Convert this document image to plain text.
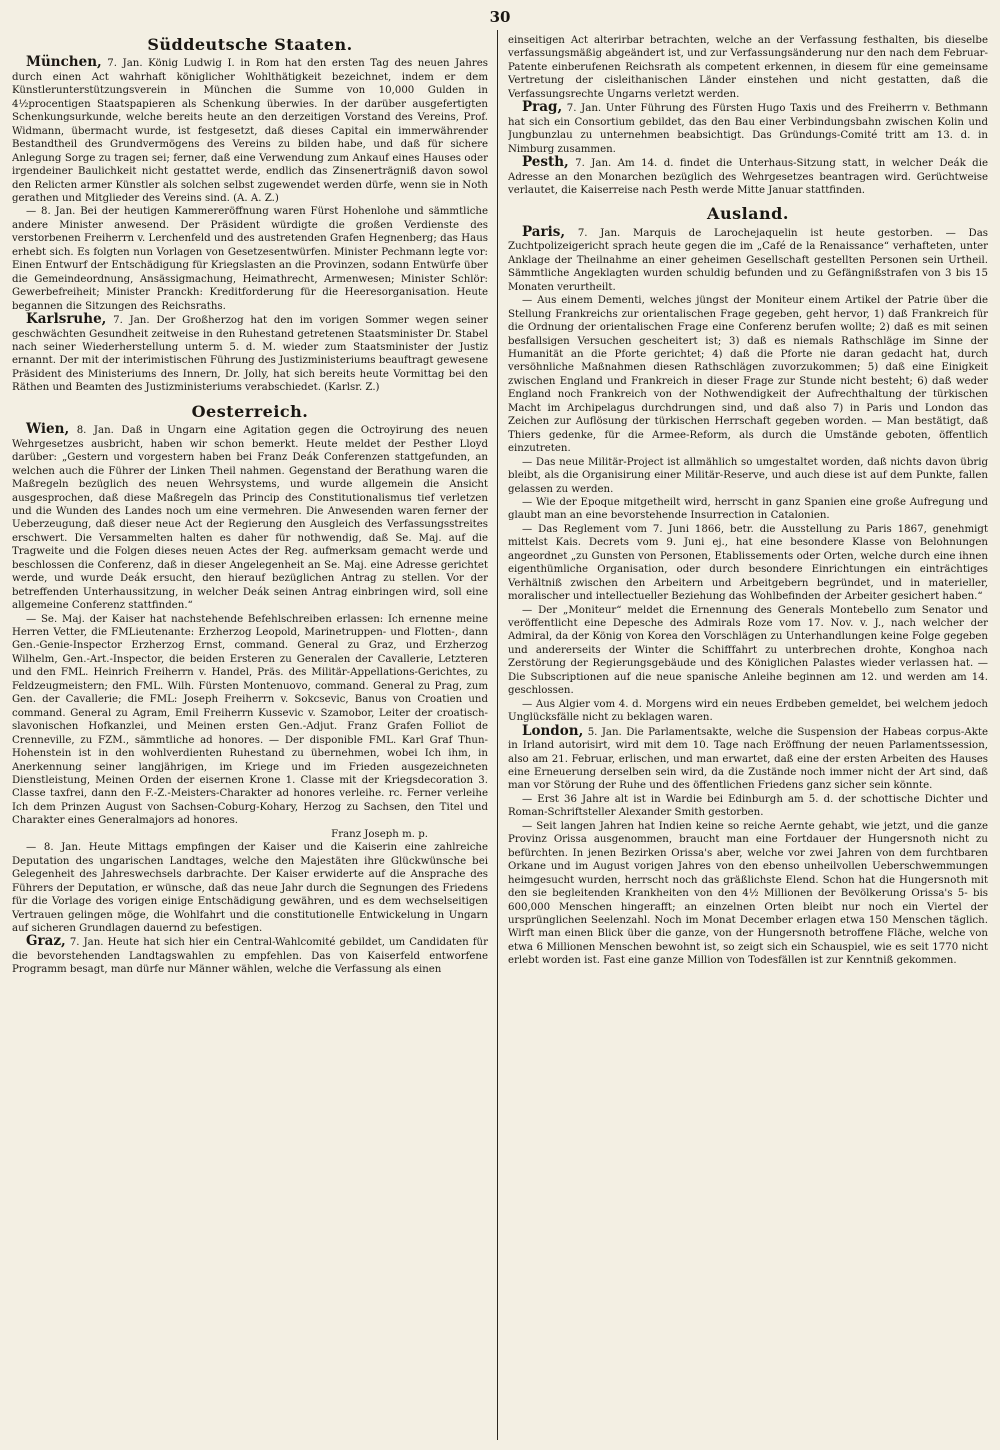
30
Süddeutsche Staaten.

München, 7. Jan. König Ludwig I. in Rom hat den ersten Tag des neuen Jahres durch einen Act wahrhaft königlicher Wohlthätigkeit bezeichnet, indem er dem Künstlerunterstützungsverein in München die Summe von 10,000 Gulden in 4½procentigen Staatspapieren als Schenkung überwies. In der darüber ausgefertigten Schenkungsurkunde, welche bereits heute an den derzeitigen Vorstand des Vereins, Prof. Widmann, übermacht wurde, ist festgesetzt, daß dieses Capital ein immerwährender Bestandtheil des Grundvermögens des Vereins zu bilden habe, und daß für sichere Anlegung Sorge zu tragen sei; ferner, daß eine Verwendung zum Ankauf eines Hauses oder irgendeiner Baulichkeit nicht gestattet werde, endlich das Zinsenerträgniß davon sowol den Relicten armer Künstler als solchen selbst zugewendet werden dürfe, wenn sie in Noth gerathen und Mitglieder des Vereins sind. (A. A. Z.)

— 8. Jan. Bei der heutigen Kammereröffnung waren Fürst Hohenlohe und sämmtliche andere Minister anwesend. Der Präsident würdigte die großen Verdienste des verstorbenen Freiherrn v. Lerchenfeld und des austretenden Grafen Hegnenberg; das Haus erhebt sich. Es folgten nun Vorlagen von Gesetzesentwürfen. Minister Pechmann legte vor: Einen Entwurf der Entschädigung für Kriegslasten an die Provinzen, sodann Entwürfe über die Gemeindeordnung, Ansässigmachung, Heimathrecht, Armenwesen; Minister Schlör: Gewerbefreiheit; Minister Pranckh: Kreditforderung für die Heeresorganisation. Heute begannen die Sitzungen des Reichsraths.

Karlsruhe, 7. Jan. Der Großherzog hat den im vorigen Sommer wegen seiner geschwächten Gesundheit zeitweise in den Ruhestand getretenen Staatsminister Dr. Stabel nach seiner Wiederherstellung unterm 5. d. M. wieder zum Staatsminister der Justiz ernannt. Der mit der interimistischen Führung des Justizministeriums beauftragt gewesene Präsident des Ministeriums des Innern, Dr. Jolly, hat sich bereits heute Vormittag bei den Räthen und Beamten des Justizministeriums verabschiedet. (Karlsr. Z.)

Oesterreich.

Wien, 8. Jan. Daß in Ungarn eine Agitation gegen die Octroyirung des neuen Wehrgesetzes ausbricht, haben wir schon bemerkt. Heute meldet der Pesther Lloyd darüber: „Gestern und vorgestern haben bei Franz Deák Conferenzen stattgefunden, an welchen auch die Führer der Linken Theil nahmen. Gegenstand der Berathung waren die Maßregeln bezüglich des neuen Wehrsystems, und wurde allgemein die Ansicht ausgesprochen, daß diese Maßregeln das Princip des Constitutionalismus tief verletzen und die Wunden des Landes noch um eine vermehren. Die Anwesenden waren ferner der Ueberzeugung, daß dieser neue Act der Regierung den Ausgleich des Verfassungsstreites erschwert. Die Versammelten halten es daher für nothwendig, daß Se. Maj. auf die Tragweite und die Folgen dieses neuen Actes der Reg. aufmerksam gemacht werde und beschlossen die Conferenz, daß in dieser Angelegenheit an Se. Maj. eine Adresse gerichtet werde, und wurde Deák ersucht, den hierauf bezüglichen Antrag zu stellen. Vor der betreffenden Unterhaussitzung, in welcher Deák seinen Antrag einbringen wird, soll eine allgemeine Conferenz stattfinden.“

— Se. Maj. der Kaiser hat nachstehende Befehlschreiben erlassen: Ich ernenne meine Herren Vetter, die FMLieutenante: Erzherzog Leopold, Marinetruppen- und Flotten-, dann Gen.-Genie-Inspector Erzherzog Ernst, command. General zu Graz, und Erzherzog Wilhelm, Gen.-Art.-Inspector, die beiden Ersteren zu Generalen der Cavallerie, Letzteren und den FML. Heinrich Freiherrn v. Handel, Präs. des Militär-Appellations-Gerichtes, zu Feldzeugmeistern; den FML. Wilh. Fürsten Montenuovo, command. General zu Prag, zum Gen. der Cavallerie; die FML: Joseph Freiherrn v. Sokcsevic, Banus von Croatien und command. General zu Agram, Emil Freiherrn Kussevic v. Szamobor, Leiter der croatisch-slavonischen Hofkanzlei, und Meinen ersten Gen.-Adjut. Franz Grafen Folliot de Crenneville, zu FZM., sämmtliche ad honores. — Der disponible FML. Karl Graf Thun-Hohenstein ist in den wohlverdienten Ruhestand zu übernehmen, wobei Ich ihm, in Anerkennung seiner langjährigen, im Kriege und im Frieden ausgezeichneten Dienstleistung, Meinen Orden der eisernen Krone 1. Classe mit der Kriegsdecoration 3. Classe taxfrei, dann den F.-Z.-Meisters-Charakter ad honores verleihe. rc. Ferner verleihe Ich dem Prinzen August von Sachsen-Coburg-Kohary, Herzog zu Sachsen, den Titel und Charakter eines Generalmajors ad honores.

Franz Joseph m. p.

— 8. Jan. Heute Mittags empfingen der Kaiser und die Kaiserin eine zahlreiche Deputation des ungarischen Landtages, welche den Majestäten ihre Glückwünsche bei Gelegenheit des Jahreswechsels darbrachte. Der Kaiser erwiderte auf die Ansprache des Führers der Deputation, er wünsche, daß das neue Jahr durch die Segnungen des Friedens für die Vorlage des vorigen einige Entschädigung gewähren, und es dem wechselseitigen Vertrauen gelingen möge, die Wohlfahrt und die constitutionelle Entwickelung in Ungarn auf sicheren Grundlagen dauernd zu befestigen.

Graz, 7. Jan. Heute hat sich hier ein Central-Wahlcomité gebildet, um Candidaten für die bevorstehenden Landtagswahlen zu empfehlen. Das von Kaiserfeld entworfene Programm besagt, man dürfe nur Männer wählen, welche die Verfassung als einen

einseitigen Act alterirbar betrachten, welche an der Verfassung festhalten, bis dieselbe verfassungsmäßig abgeändert ist, und zur Verfassungsänderung nur den nach dem Februar-Patente einberufenen Reichsrath als competent erkennen, in diesem für eine gemeinsame Vertretung der cisleithanischen Länder einstehen und nicht gestatten, daß die Verfassungsrechte Ungarns verletzt werden.

Prag, 7. Jan. Unter Führung des Fürsten Hugo Taxis und des Freiherrn v. Bethmann hat sich ein Consortium gebildet, das den Bau einer Verbindungsbahn zwischen Kolin und Jungbunzlau zu unternehmen beabsichtigt. Das Gründungs-Comité tritt am 13. d. in Nimburg zusammen.

Pesth, 7. Jan. Am 14. d. findet die Unterhaus-Sitzung statt, in welcher Deák die Adresse an den Monarchen bezüglich des Wehrgesetzes beantragen wird. Gerüchtweise verlautet, die Kaiserreise nach Pesth werde Mitte Januar stattfinden.

Ausland.

Paris, 7. Jan. Marquis de Larochejaquelin ist heute gestorben. — Das Zuchtpolizeigericht sprach heute gegen die im „Café de la Renaissance“ verhafteten, unter Anklage der Theilnahme an einer geheimen Gesellschaft gestellten Personen sein Urtheil. Sämmtliche Angeklagten wurden schuldig befunden und zu Gefängnißstrafen von 3 bis 15 Monaten verurtheilt.

— Aus einem Dementi, welches jüngst der Moniteur einem Artikel der Patrie über die Stellung Frankreichs zur orientalischen Frage gegeben, geht hervor, 1) daß Frankreich für die Ordnung der orientalischen Frage eine Conferenz berufen wollte; 2) daß es mit seinen besfallsigen Versuchen gescheitert ist; 3) daß es niemals Rathschläge im Sinne der Humanität an die Pforte gerichtet; 4) daß die Pforte nie daran gedacht hat, durch versöhnliche Maßnahmen diesen Rathschlägen zuvorzukommen; 5) daß eine Einigkeit zwischen England und Frankreich in dieser Frage zur Stunde nicht besteht; 6) daß weder England noch Frankreich von der Nothwendigkeit der Aufrechthaltung der türkischen Macht im Archipelagus durchdrungen sind, und daß also 7) in Paris und London das Zeichen zur Auflösung der türkischen Herrschaft gegeben worden. — Man bestätigt, daß Thiers gedenke, für die Armee-Reform, als durch die Umstände geboten, öffentlich einzutreten.

— Das neue Militär-Project ist allmählich so umgestaltet worden, daß nichts davon übrig bleibt, als die Organisirung einer Militär-Reserve, und auch diese ist auf dem Punkte, fallen gelassen zu werden.

— Wie der Epoque mitgetheilt wird, herrscht in ganz Spanien eine große Aufregung und glaubt man an eine bevorstehende Insurrection in Catalonien.

— Das Reglement vom 7. Juni 1866, betr. die Ausstellung zu Paris 1867, genehmigt mittelst Kais. Decrets vom 9. Juni ej., hat eine besondere Klasse von Belohnungen angeordnet „zu Gunsten von Personen, Etablissements oder Orten, welche durch eine ihnen eigenthümliche Organisation, oder durch besondere Einrichtungen ein einträchtiges Verhältniß zwischen den Arbeitern und Arbeitgebern begründet, und in materieller, moralischer und intellectueller Beziehung das Wohlbefinden der Arbeiter gesichert haben.“

— Der „Moniteur“ meldet die Ernennung des Generals Montebello zum Senator und veröffentlicht eine Depesche des Admirals Roze vom 17. Nov. v. J., nach welcher der Admiral, da der König von Korea den Vorschlägen zu Unterhandlungen keine Folge gegeben und andererseits der Winter die Schifffahrt zu unterbrechen drohte, Konghoa nach Zerstörung der Regierungsgebäude und des Königlichen Palastes wieder verlassen hat. — Die Subscriptionen auf die neue spanische Anleihe beginnen am 12. und werden am 14. geschlossen.

— Aus Algier vom 4. d. Morgens wird ein neues Erdbeben gemeldet, bei welchem jedoch Unglücksfälle nicht zu beklagen waren.

London, 5. Jan. Die Parlamentsakte, welche die Suspension der Habeas corpus-Akte in Irland autorisirt, wird mit dem 10. Tage nach Eröffnung der neuen Parlamentssession, also am 21. Februar, erlischen, und man erwartet, daß eine der ersten Arbeiten des Hauses eine Erneuerung derselben sein wird, da die Zustände noch immer nicht der Art sind, daß man vor Störung der Ruhe und des öffentlichen Friedens ganz sicher sein könnte.

— Erst 36 Jahre alt ist in Wardie bei Edinburgh am 5. d. der schottische Dichter und Roman-Schriftsteller Alexander Smith gestorben.

— Seit langen Jahren hat Indien keine so reiche Aernte gehabt, wie jetzt, und die ganze Provinz Orissa ausgenommen, braucht man eine Fortdauer der Hungersnoth nicht zu befürchten. In jenen Bezirken Orissa's aber, welche vor zwei Jahren von dem furchtbaren Orkane und im August vorigen Jahres von den ebenso unheilvollen Ueberschwemmungen heimgesucht wurden, herrscht noch das gräßlichste Elend. Schon hat die Hungersnoth mit den sie begleitenden Krankheiten von den 4½ Millionen der Bevölkerung Orissa's 5- bis 600,000 Menschen hingerafft; an einzelnen Orten bleibt nur noch ein Viertel der ursprünglichen Seelenzahl. Noch im Monat December erlagen etwa 150 Menschen täglich. Wirft man einen Blick über die ganze, von der Hungersnoth betroffene Fläche, welche von etwa 6 Millionen Menschen bewohnt ist, so zeigt sich ein Schauspiel, wie es seit 1770 nicht erlebt worden ist. Fast eine ganze Million von Todesfällen ist zur Kenntniß gekommen.
